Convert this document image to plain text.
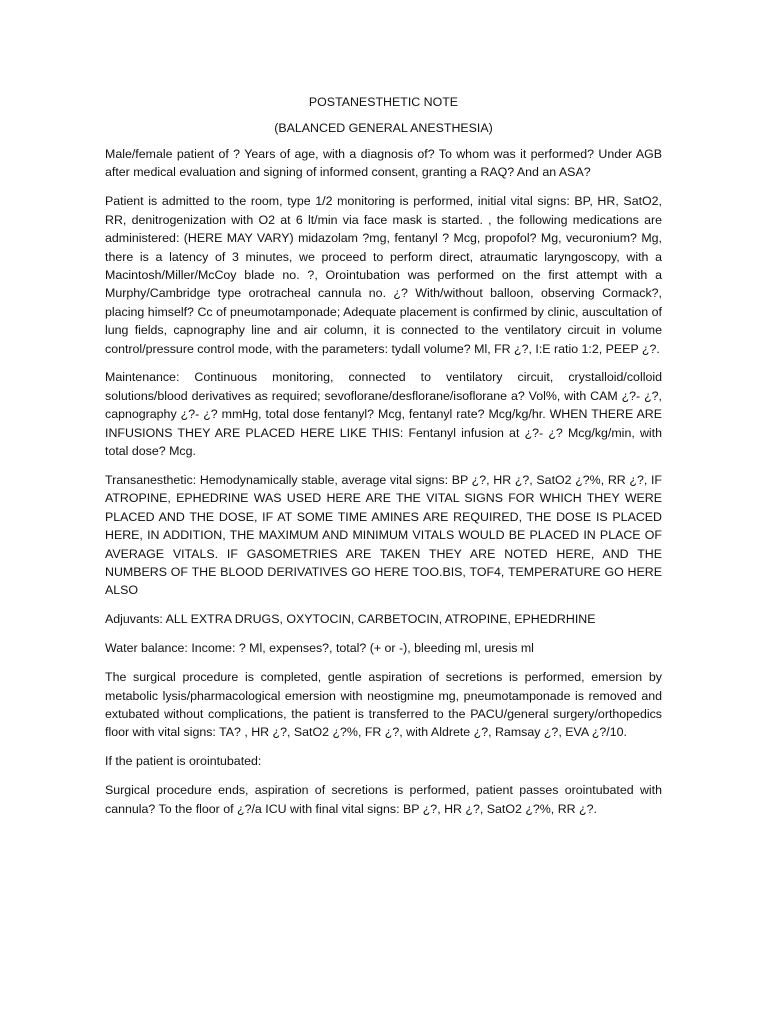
POSTANESTHETIC NOTE

(BALANCED GENERAL ANESTHESIA)

Male/female patient of ? Years of age, with a diagnosis of? To whom was it performed? Under AGB after medical evaluation and signing of informed consent, granting a RAQ? And an ASA?

Patient is admitted to the room, type 1/2 monitoring is performed, initial vital signs: BP, HR, SatO2, RR, denitrogenization with O2 at 6 lt/min via face mask is started. , the following medications are administered: (HERE MAY VARY) midazolam ?mg, fentanyl ? Mcg, propofol? Mg, vecuronium? Mg, there is a latency of 3 minutes, we proceed to perform direct, atraumatic laryngoscopy, with a Macintosh/Miller/McCoy blade no. ?, Orointubation was performed on the first attempt with a Murphy/Cambridge type orotracheal cannula no. ¿? With/without balloon, observing Cormack?, placing himself? Cc of pneumotamponade; Adequate placement is confirmed by clinic, auscultation of lung fields, capnography line and air column, it is connected to the ventilatory circuit in volume control/pressure control mode, with the parameters: tydall volume? Ml, FR ¿?, I:E ratio 1:2, PEEP ¿?.

Maintenance: Continuous monitoring, connected to ventilatory circuit, crystalloid/colloid solutions/blood derivatives as required; sevoflorane/desflorane/isoflorane a? Vol%, with CAM ¿?- ¿?, capnography ¿?- ¿? mmHg, total dose fentanyl? Mcg, fentanyl rate? Mcg/kg/hr. WHEN THERE ARE INFUSIONS THEY ARE PLACED HERE LIKE THIS: Fentanyl infusion at ¿?- ¿? Mcg/kg/min, with total dose? Mcg.

Transanesthetic: Hemodynamically stable, average vital signs: BP ¿?, HR ¿?, SatO2 ¿?%, RR ¿?, IF ATROPINE, EPHEDRINE WAS USED HERE ARE THE VITAL SIGNS FOR WHICH THEY WERE PLACED AND THE DOSE, IF AT SOME TIME AMINES ARE REQUIRED, THE DOSE IS PLACED HERE, IN ADDITION, THE MAXIMUM AND MINIMUM VITALS WOULD BE PLACED IN PLACE OF AVERAGE VITALS. IF GASOMETRIES ARE TAKEN THEY ARE NOTED HERE, AND THE NUMBERS OF THE BLOOD DERIVATIVES GO HERE TOO.BIS, TOF4, TEMPERATURE GO HERE ALSO

Adjuvants: ALL EXTRA DRUGS, OXYTOCIN, CARBETOCIN, ATROPINE, EPHEDRHINE

Water balance: Income: ? Ml, expenses?, total? (+ or -), bleeding ml, uresis ml

The surgical procedure is completed, gentle aspiration of secretions is performed, emersion by metabolic lysis/pharmacological emersion with neostigmine mg, pneumotamponade is removed and extubated without complications, the patient is transferred to the PACU/general surgery/orthopedics floor with vital signs: TA? , HR ¿?, SatO2 ¿?%, FR ¿?, with Aldrete ¿?, Ramsay ¿?, EVA ¿?/10.

If the patient is orointubated:

Surgical procedure ends, aspiration of secretions is performed, patient passes orointubated with cannula? To the floor of ¿?/a ICU with final vital signs: BP ¿?, HR ¿?, SatO2 ¿?%, RR ¿?.
